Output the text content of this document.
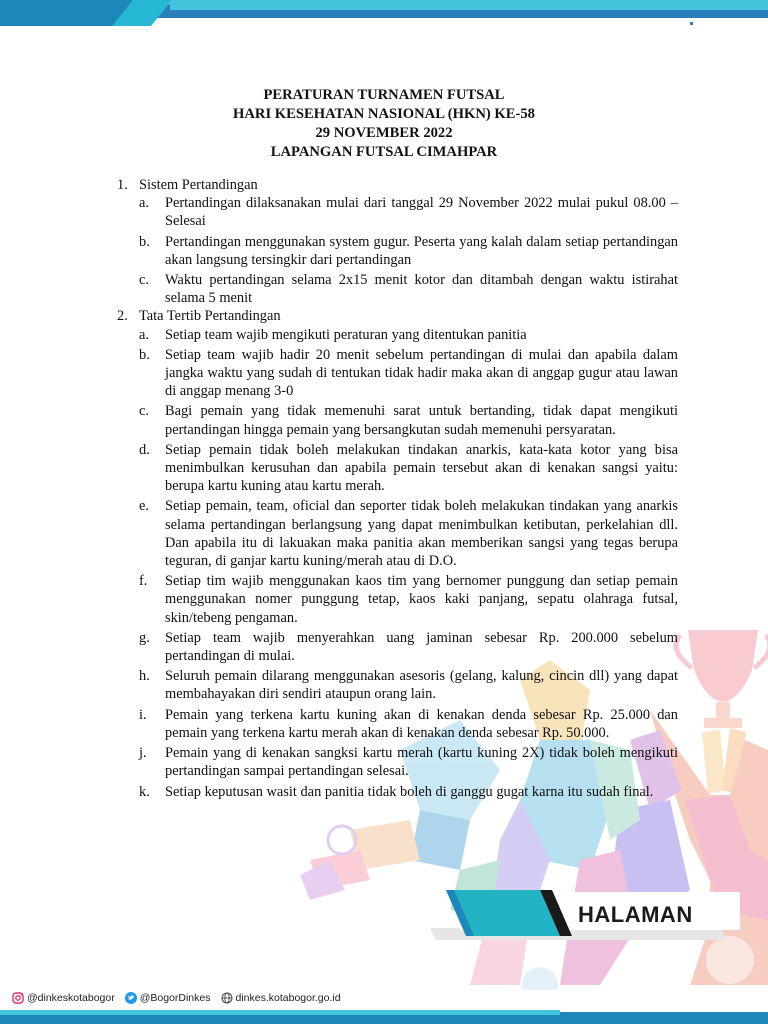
PERATURAN TURNAMEN FUTSAL
HARI KESEHATAN NASIONAL (HKN) KE-58
29 NOVEMBER 2022
LAPANGAN FUTSAL CIMAHPAR
1. Sistem Pertandingan
a. Pertandingan dilaksanakan mulai dari tanggal 29 November 2022 mulai pukul 08.00 – Selesai
b. Pertandingan menggunakan system gugur. Peserta yang kalah dalam setiap pertandingan akan langsung tersingkir dari pertandingan
c. Waktu pertandingan selama 2x15 menit kotor dan ditambah dengan waktu istirahat selama 5 menit
2. Tata Tertib Pertandingan
a. Setiap team wajib mengikuti peraturan yang ditentukan panitia
b. Setiap team wajib hadir 20 menit sebelum pertandingan di mulai dan apabila dalam jangka waktu yang sudah di tentukan tidak hadir maka akan di anggap gugur atau lawan di anggap menang 3-0
c. Bagi pemain yang tidak memenuhi sarat untuk bertanding, tidak dapat mengikuti pertandingan hingga pemain yang bersangkutan sudah memenuhi persyaratan.
d. Setiap pemain tidak boleh melakukan tindakan anarkis, kata-kata kotor yang bisa menimbulkan kerusuhan dan apabila pemain tersebut akan di kenakan sangsi yaitu: berupa kartu kuning atau kartu merah.
e. Setiap pemain, team, oficial dan seporter tidak boleh melakukan tindakan yang anarkis selama pertandingan berlangsung yang dapat menimbulkan ketibutan, perkelahian dll. Dan apabila itu di lakuakan maka panitia akan memberikan sangsi yang tegas berupa teguran, di ganjar kartu kuning/merah atau di D.O.
f. Setiap tim wajib menggunakan kaos tim yang bernomer punggung dan setiap pemain menggunakan nomer punggung tetap, kaos kaki panjang, sepatu olahraga futsal, skin/tebeng pengaman.
g. Setiap team wajib menyerahkan uang jaminan sebesar Rp. 200.000 sebelum pertandingan di mulai.
h. Seluruh pemain dilarang menggunakan asesoris (gelang, kalung, cincin dll) yang dapat membahayakan diri sendiri ataupun orang lain.
i. Pemain yang terkena kartu kuning akan di kenakan denda sebesar Rp. 25.000 dan pemain yang terkena kartu merah akan di kenakan denda sebesar Rp. 50.000.
j. Pemain yang di kenakan sangksi kartu merah (kartu kuning 2X) tidak boleh mengikuti pertandingan sampai pertandingan selesai.
k. Setiap keputusan wasit dan panitia tidak boleh di ganggu gugat karna itu sudah final.
HALAMAN
@dinkeskotabogor @BogorDinkes dinkes.kotabogor.go.id
